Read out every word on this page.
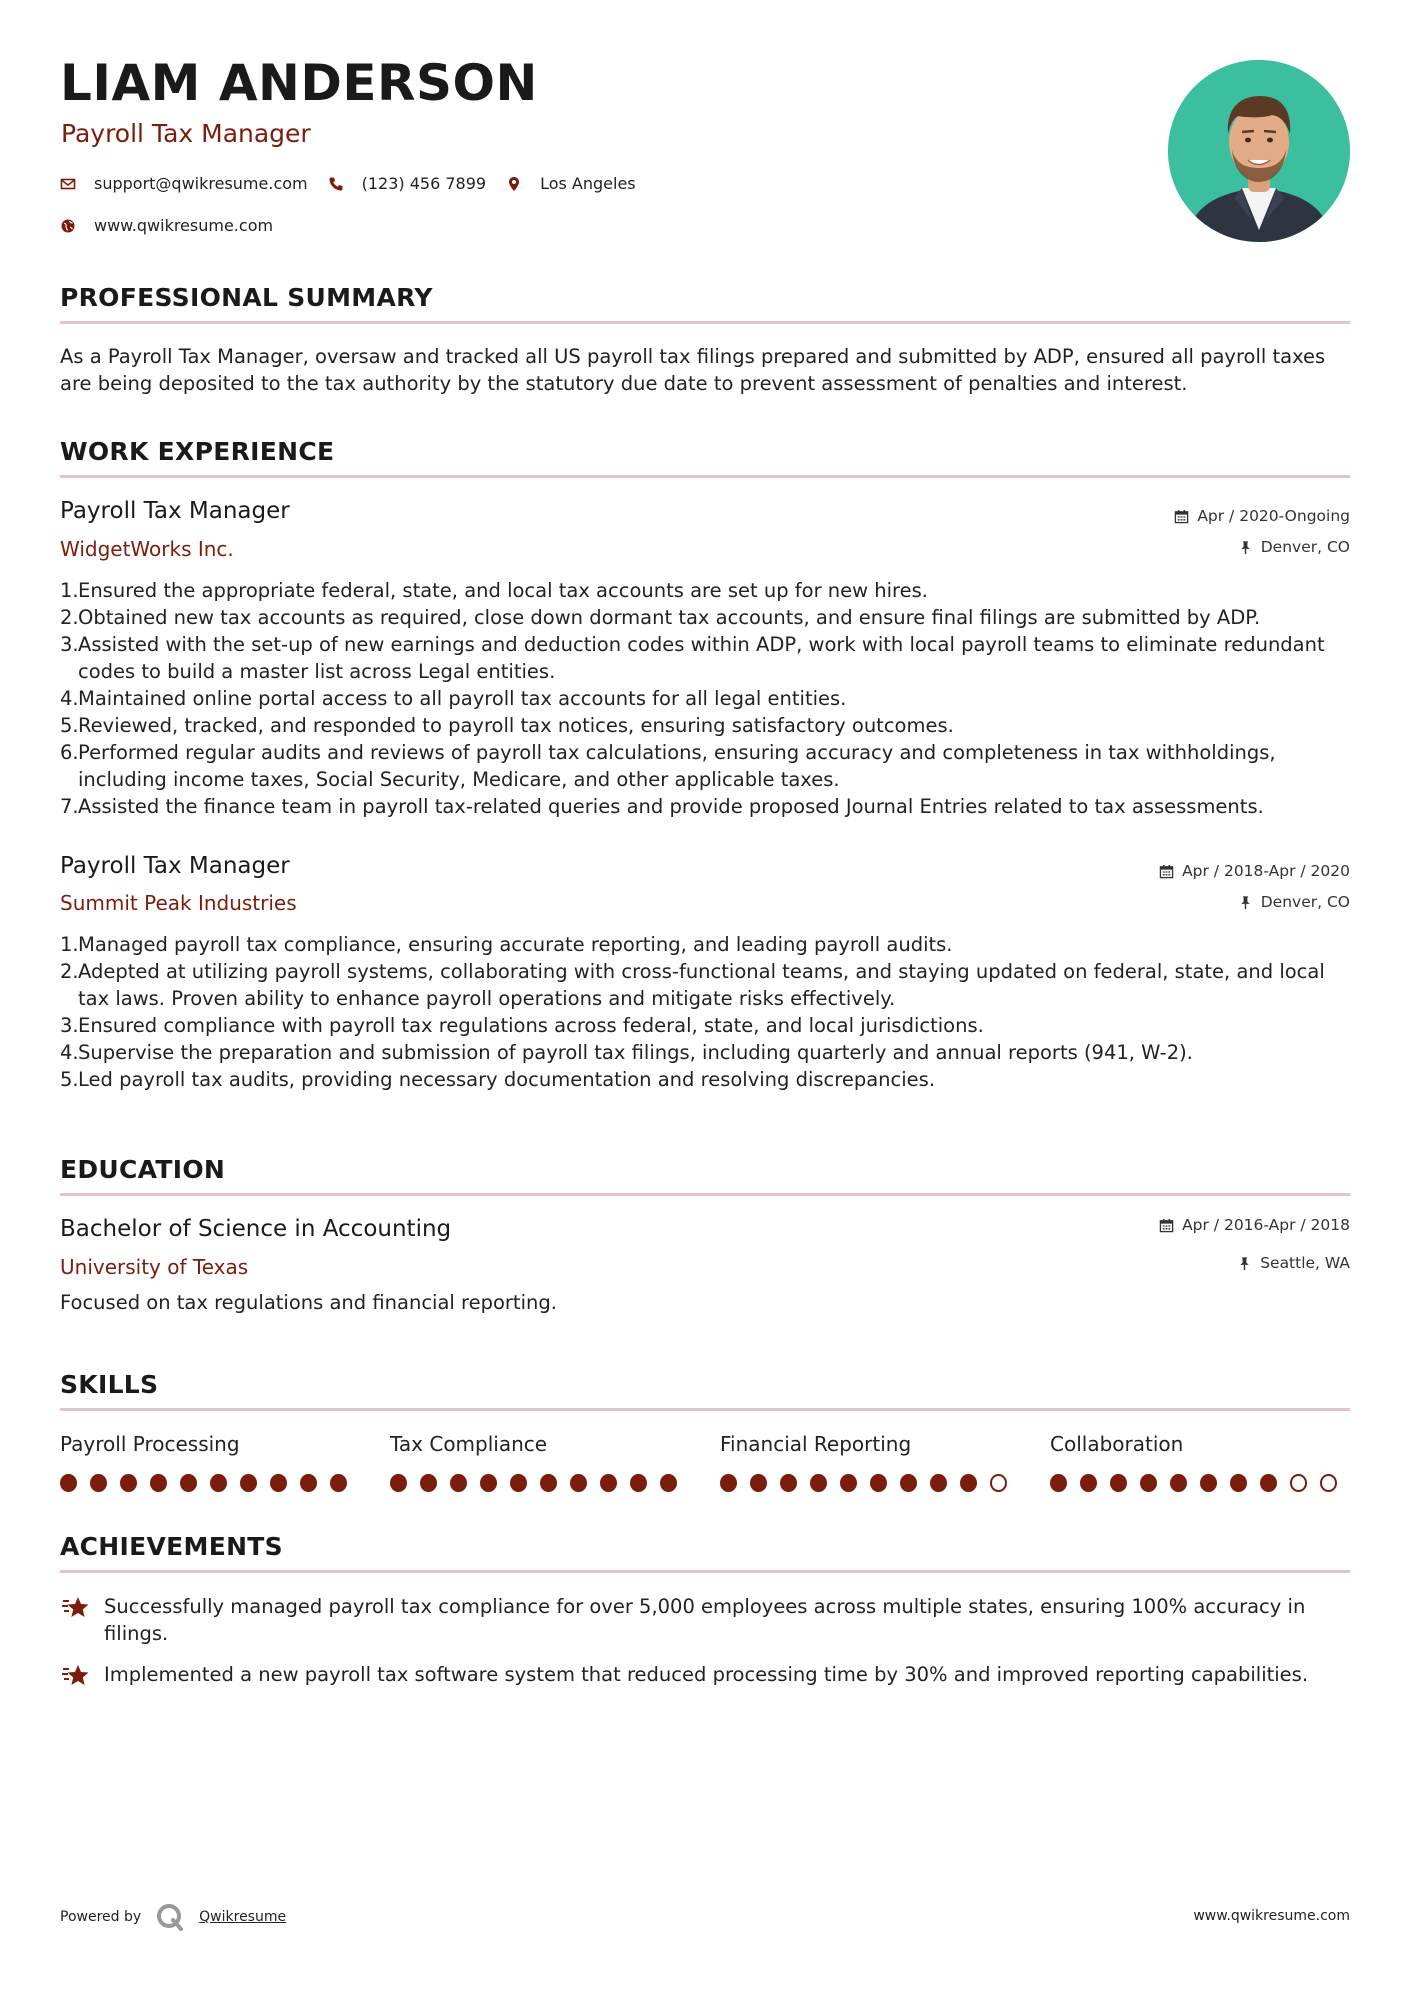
LIAM ANDERSON
Payroll Tax Manager
support@qwikresume.com	(123) 456 7899	Los Angeles
www.qwikresume.com
PROFESSIONAL SUMMARY
As a Payroll Tax Manager, oversaw and tracked all US payroll tax filings prepared and submitted by ADP, ensured all payroll taxes are being deposited to the tax authority by the statutory due date to prevent assessment of penalties and interest.
WORK EXPERIENCE
Payroll Tax Manager
WidgetWorks Inc.
Apr / 2020-Ongoing
Denver, CO
1. Ensured the appropriate federal, state, and local tax accounts are set up for new hires.
2. Obtained new tax accounts as required, close down dormant tax accounts, and ensure final filings are submitted by ADP.
3. Assisted with the set-up of new earnings and deduction codes within ADP, work with local payroll teams to eliminate redundant codes to build a master list across Legal entities.
4. Maintained online portal access to all payroll tax accounts for all legal entities.
5. Reviewed, tracked, and responded to payroll tax notices, ensuring satisfactory outcomes.
6. Performed regular audits and reviews of payroll tax calculations, ensuring accuracy and completeness in tax withholdings, including income taxes, Social Security, Medicare, and other applicable taxes.
7. Assisted the finance team in payroll tax-related queries and provide proposed Journal Entries related to tax assessments.
Payroll Tax Manager
Summit Peak Industries
Apr / 2018-Apr / 2020
Denver, CO
1. Managed payroll tax compliance, ensuring accurate reporting, and leading payroll audits.
2. Adepted at utilizing payroll systems, collaborating with cross-functional teams, and staying updated on federal, state, and local tax laws. Proven ability to enhance payroll operations and mitigate risks effectively.
3. Ensured compliance with payroll tax regulations across federal, state, and local jurisdictions.
4. Supervise the preparation and submission of payroll tax filings, including quarterly and annual reports (941, W-2).
5. Led payroll tax audits, providing necessary documentation and resolving discrepancies.
EDUCATION
Bachelor of Science in Accounting
University of Texas
Apr / 2016-Apr / 2018
Seattle, WA
Focused on tax regulations and financial reporting.
SKILLS
Payroll Processing	Tax Compliance	Financial Reporting	Collaboration
ACHIEVEMENTS
Successfully managed payroll tax compliance for over 5,000 employees across multiple states, ensuring 100% accuracy in filings.
Implemented a new payroll tax software system that reduced processing time by 30% and improved reporting capabilities.
Powered by	Qwikresume	www.qwikresume.com
